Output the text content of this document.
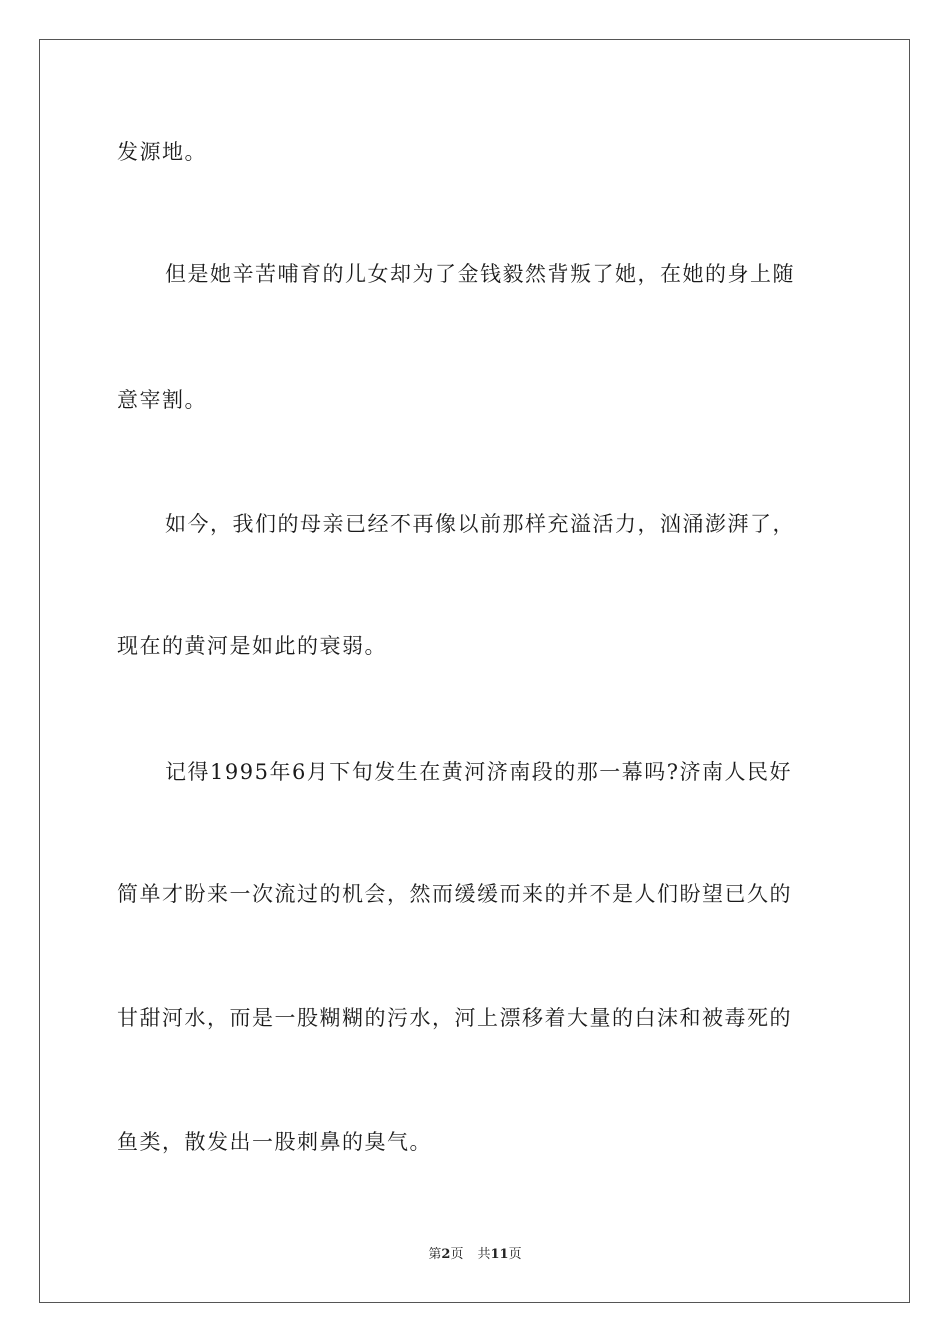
发源地。

但是她辛苦哺育的儿女却为了金钱毅然背叛了她，在她的身上随

意宰割。

如今，我们的母亲已经不再像以前那样充溢活力，汹涌澎湃了，

现在的黄河是如此的衰弱。

记得1995年6月下旬发生在黄河济南段的那一幕吗?济南人民好

简单才盼来一次流过的机会，然而缓缓而来的并不是人们盼望已久的

甘甜河水，而是一股糊糊的污水，河上漂移着大量的白沫和被毒死的

鱼类，散发出一股刺鼻的臭气。

第2页 共11页
